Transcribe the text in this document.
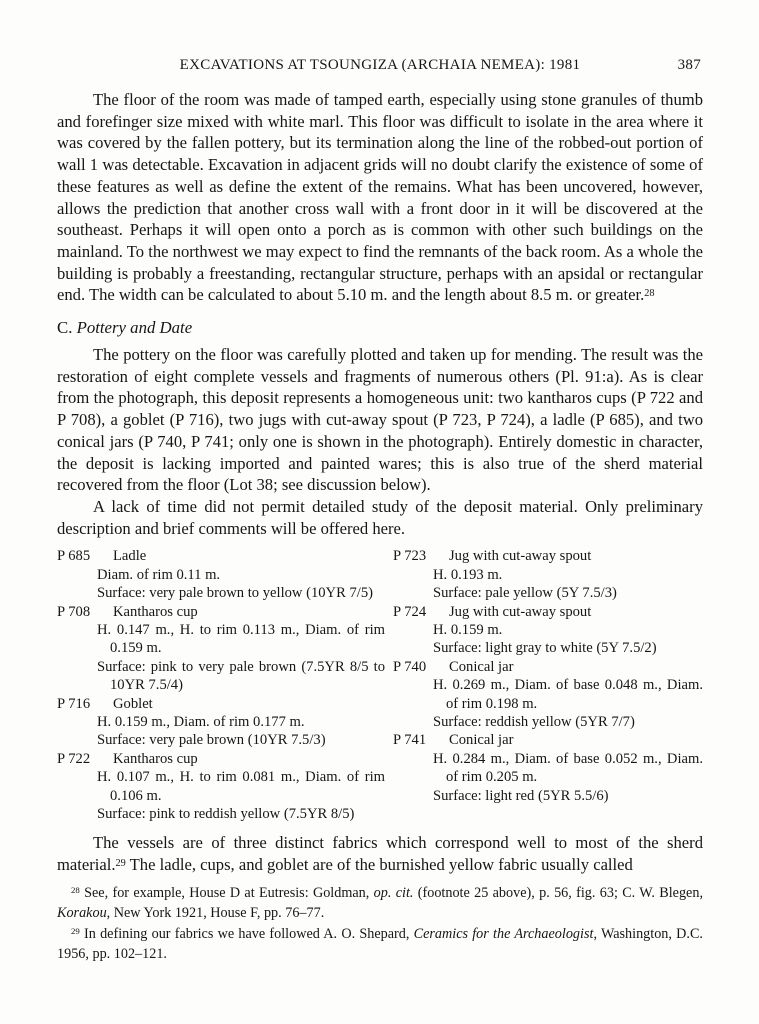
EXCAVATIONS AT TSOUNGIZA (ARCHAIA NEMEA): 1981	387

The floor of the room was made of tamped earth, especially using stone granules of thumb and forefinger size mixed with white marl. This floor was difficult to isolate in the area where it was covered by the fallen pottery, but its termination along the line of the robbed-out portion of wall 1 was detectable. Excavation in adjacent grids will no doubt clarify the existence of some of these features as well as define the extent of the remains. What has been uncovered, however, allows the prediction that another cross wall with a front door in it will be discovered at the southeast. Perhaps it will open onto a porch as is common with other such buildings on the mainland. To the northwest we may expect to find the remnants of the back room. As a whole the building is probably a freestanding, rectangular structure, perhaps with an apsidal or rectangular end. The width can be calculated to about 5.10 m. and the length about 8.5 m. or greater.$^{28}$

C. Pottery and Date

The pottery on the floor was carefully plotted and taken up for mending. The result was the restoration of eight complete vessels and fragments of numerous others (Pl. 91:a). As is clear from the photograph, this deposit represents a homogeneous unit: two kantharos cups (P 722 and P 708), a goblet (P 716), two jugs with cut-away spout (P 723, P 724), a ladle (P 685), and two conical jars (P 740, P 741; only one is shown in the photograph). Entirely domestic in character, the deposit is lacking imported and painted wares; this is also true of the sherd material recovered from the floor (Lot 38; see discussion below).

A lack of time did not permit detailed study of the deposit material. Only preliminary description and brief comments will be offered here.

P 685	Ladle
Diam. of rim 0.11 m.
Surface: very pale brown to yellow (10YR 7/5)
P 708	Kantharos cup
H. 0.147 m., H. to rim 0.113 m., Diam. of rim 0.159 m.
Surface: pink to very pale brown (7.5YR 8/5 to 10YR 7.5/4)
P 716	Goblet
H. 0.159 m., Diam. of rim 0.177 m.
Surface: very pale brown (10YR 7.5/3)
P 722	Kantharos cup
H. 0.107 m., H. to rim 0.081 m., Diam. of rim 0.106 m.
Surface: pink to reddish yellow (7.5YR 8/5)
P 723	Jug with cut-away spout
H. 0.193 m.
Surface: pale yellow (5Y 7.5/3)
P 724	Jug with cut-away spout
H. 0.159 m.
Surface: light gray to white (5Y 7.5/2)
P 740	Conical jar
H. 0.269 m., Diam. of base 0.048 m., Diam. of rim 0.198 m.
Surface: reddish yellow (5YR 7/7)
P 741	Conical jar
H. 0.284 m., Diam. of base 0.052 m., Diam. of rim 0.205 m.
Surface: light red (5YR 5.5/6)

The vessels are of three distinct fabrics which correspond well to most of the sherd material.$^{29}$ The ladle, cups, and goblet are of the burnished yellow fabric usually called

$^{28}$ See, for example, House D at Eutresis: Goldman, op. cit. (footnote 25 above), p. 56, fig. 63; C. W. Blegen, Korakou, New York 1921, House F, pp. 76–77.

$^{29}$ In defining our fabrics we have followed A. O. Shepard, Ceramics for the Archaeologist, Washington, D.C. 1956, pp. 102–121.
